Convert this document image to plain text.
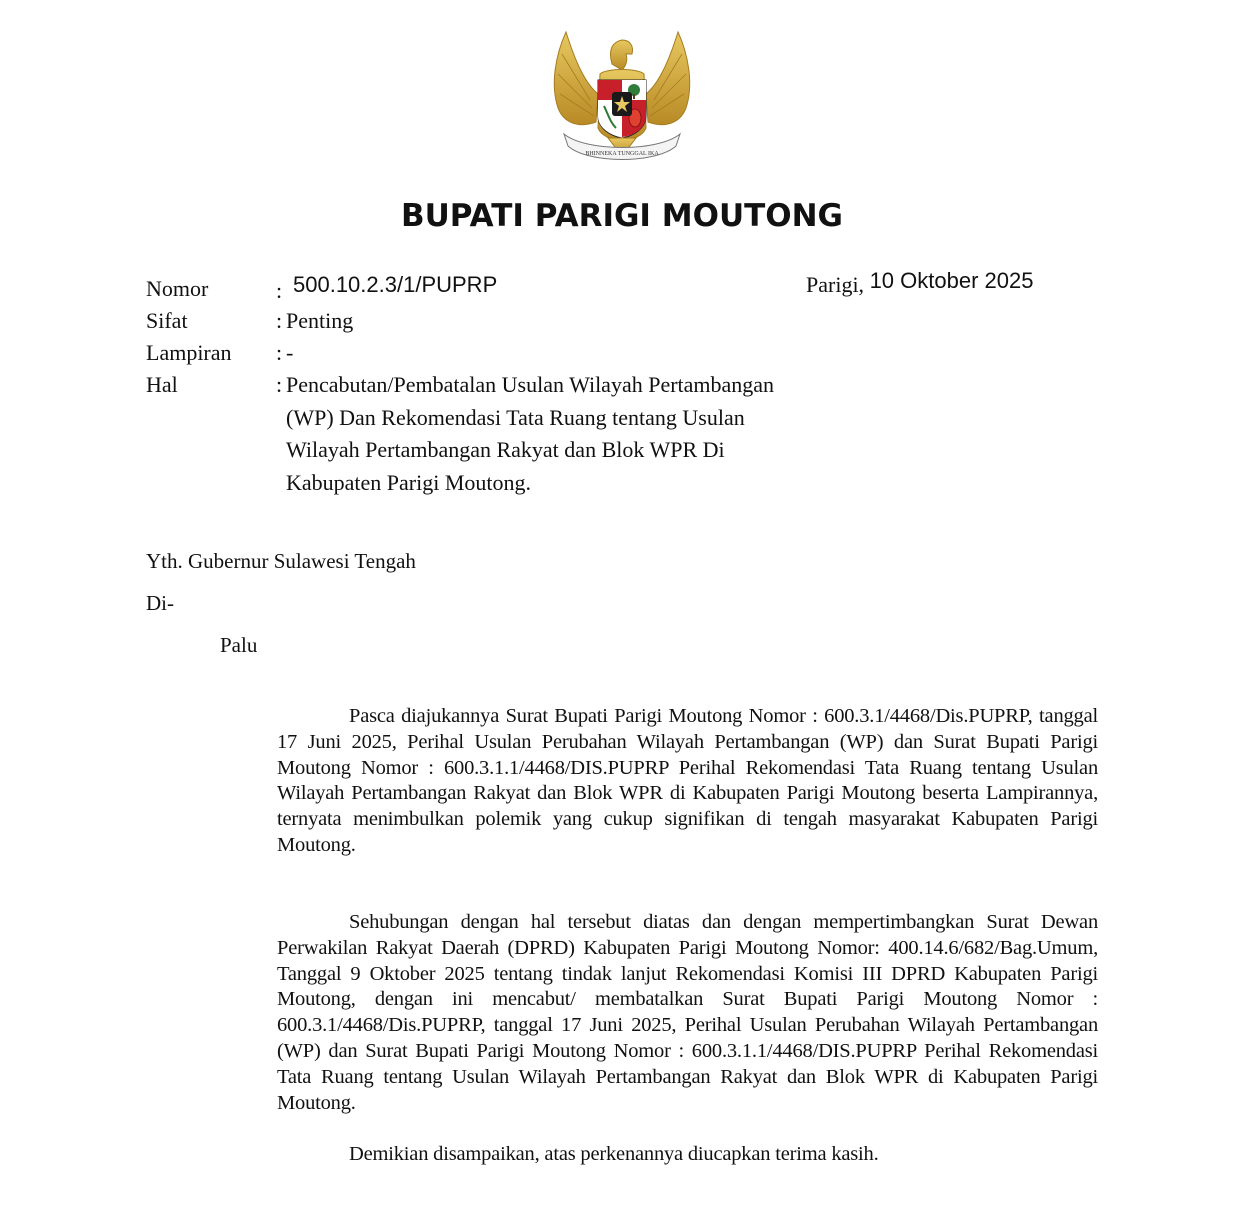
BHINNEKA TUNGGAL IKA
BUPATI PARIGI MOUTONG
Nomor	: 500.10.2.3/1/PUPRP
Sifat	: Penting
Lampiran	: -
Hal	: Pencabutan/Pembatalan Usulan Wilayah Pertambangan (WP) Dan Rekomendasi Tata Ruang tentang Usulan Wilayah Pertambangan Rakyat dan Blok WPR Di Kabupaten Parigi Moutong.
Parigi, 10 Oktober 2025
Yth. Gubernur Sulawesi Tengah
Di-
Palu

Pasca diajukannya Surat Bupati Parigi Moutong Nomor : 600.3.1/4468/Dis.PUPRP, tanggal 17 Juni 2025, Perihal Usulan Perubahan Wilayah Pertambangan (WP) dan Surat Bupati Parigi Moutong Nomor : 600.3.1.1/4468/DIS.PUPRP Perihal Rekomendasi Tata Ruang tentang Usulan Wilayah Pertambangan Rakyat dan Blok WPR di Kabupaten Parigi Moutong beserta Lampirannya, ternyata menimbulkan polemik yang cukup signifikan di tengah masyarakat Kabupaten Parigi Moutong.

Sehubungan dengan hal tersebut diatas dan dengan mempertimbangkan Surat Dewan Perwakilan Rakyat Daerah (DPRD) Kabupaten Parigi Moutong Nomor: 400.14.6/682/Bag.Umum, Tanggal 9 Oktober 2025 tentang tindak lanjut Rekomendasi Komisi III DPRD Kabupaten Parigi Moutong, dengan ini mencabut/ membatalkan Surat Bupati Parigi Moutong Nomor : 600.3.1/4468/Dis.PUPRP, tanggal 17 Juni 2025, Perihal Usulan Perubahan Wilayah Pertambangan (WP) dan Surat Bupati Parigi Moutong Nomor : 600.3.1.1/4468/DIS.PUPRP Perihal Rekomendasi Tata Ruang tentang Usulan Wilayah Pertambangan Rakyat dan Blok WPR di Kabupaten Parigi Moutong.

Demikian disampaikan, atas perkenannya diucapkan terima kasih.
